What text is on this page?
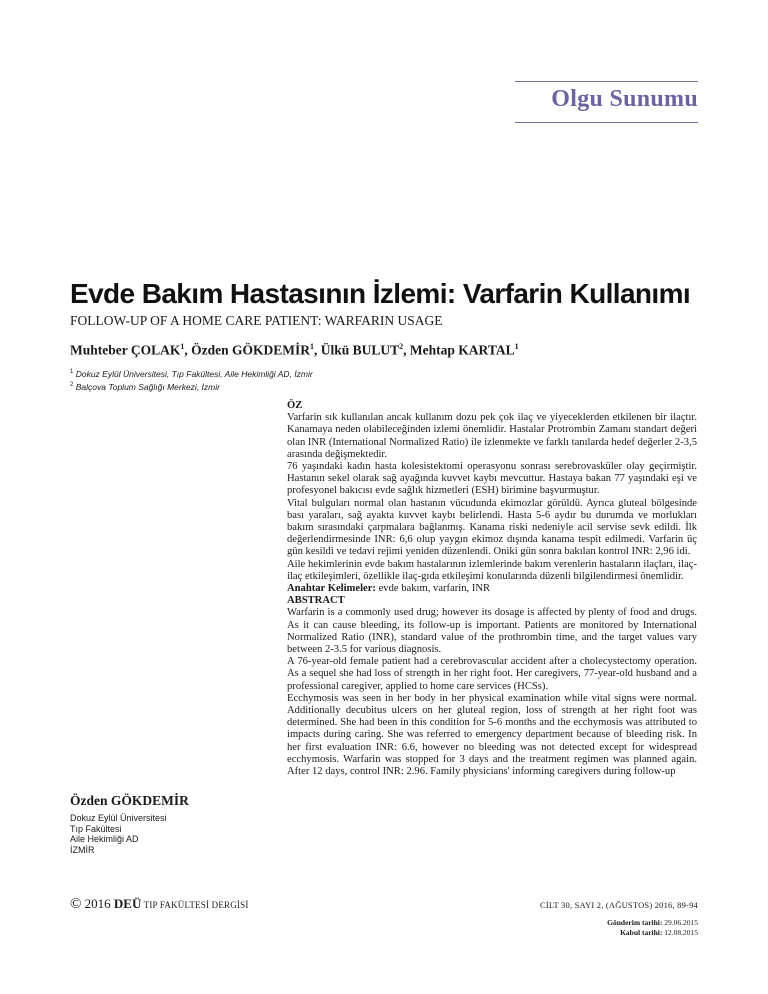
Olgu Sunumu
Evde Bakım Hastasının İzlemi: Varfarin Kullanımı
FOLLOW-UP OF A HOME CARE PATIENT: WARFARIN USAGE
Muhteber ÇOLAK$^1$, Özden GÖKDEMİR$^1$, Ülkü BULUT$^2$, Mehtap KARTAL$^1$
$^1$ Dokuz Eylül Üniversitesi, Tıp Fakültesi, Aile Hekimliği AD, İzmir
$^2$ Balçova Toplum Sağlığı Merkezi, İzmir

ÖZ

Varfarin sık kullanılan ancak kullanım dozu pek çok ilaç ve yiyeceklerden etkilenen bir ilaçtır. Kanamaya neden olabileceğinden izlemi önemlidir. Hastalar Protrombin Zamanı standart değeri olan INR (International Normalized Ratio) ile izlenmekte ve farklı tanılarda hedef değerler 2-3,5 arasında değişmektedir.

76 yaşındaki kadın hasta kolesistektomi operasyonu sonrası serebrovasküler olay geçirmiştir. Hastanın sekel olarak sağ ayağında kuvvet kaybı mevcuttur. Hastaya bakan 77 yaşındaki eşi ve profesyonel bakıcısı evde sağlık hizmetleri (ESH) birimine başvurmuştur.

Vital bulguları normal olan hastanın vücudunda ekimozlar görüldü. Ayrıca gluteal bölgesinde bası yaraları, sağ ayakta kuvvet kaybı belirlendi. Hasta 5-6 aydır bu durumda ve morlukları bakım sırasındaki çarpmalara bağlanmış. Kanama riski nedeniyle acil servise sevk edildi. İlk değerlendirmesinde INR: 6,6 olup yaygın ekimoz dışında kanama tespit edilmedi. Varfarin üç gün kesildi ve tedavi rejimi yeniden düzenlendi. Oniki gün sonra bakılan kontrol INR: 2,96 idi.

Aile hekimlerinin evde bakım hastalarının izlemlerinde bakım verenlerin hastaların ilaçları, ilaç-ilaç etkileşimleri, özellikle ilaç-gıda etkileşimi konularında düzenli bilgilendirmesi önemlidir.

Anahtar Kelimeler: evde bakım, varfarin, INR

ABSTRACT

Warfarin is a commonly used drug; however its dosage is affected by plenty of food and drugs. As it can cause bleeding, its follow-up is important. Patients are monitored by International Normalized Ratio (INR), standard value of the prothrombin time, and the target values vary between 2-3.5 for various diagnosis.

A 76-year-old female patient had a cerebrovascular accident after a cholecystectomy operation. As a sequel she had loss of strength in her right foot. Her caregivers, 77-year-old husband and a professional caregiver, applied to home care services (HCSs).

Ecchymosis was seen in her body in her physical examination while vital signs were normal. Additionally decubitus ulcers on her gluteal region, loss of strength at her right foot was determined. She had been in this condition for 5-6 months and the ecchymosis was attributed to impacts during caring. She was referred to emergency department because of bleeding risk. In her first evaluation INR: 6.6, however no bleeding was not detected except for widespread ecchymosis. Warfarin was stopped for 3 days and the treatment regimen was planned again. After 12 days, control INR: 2.96. Family physicians' informing caregivers during follow-up

Özden GÖKDEMİR
Dokuz Eylül Üniversitesi
Tıp Fakültesi
Aile Hekimliği AD
İZMİR
© 2016 DEÜ TIP FAKÜLTESİ DERGİSİ	CİLT 30, SAYI 2, (AĞUSTOS) 2016, 89-94
Gönderim tarihi: 29.06.2015
Kabul tarihi: 12.08.2015
